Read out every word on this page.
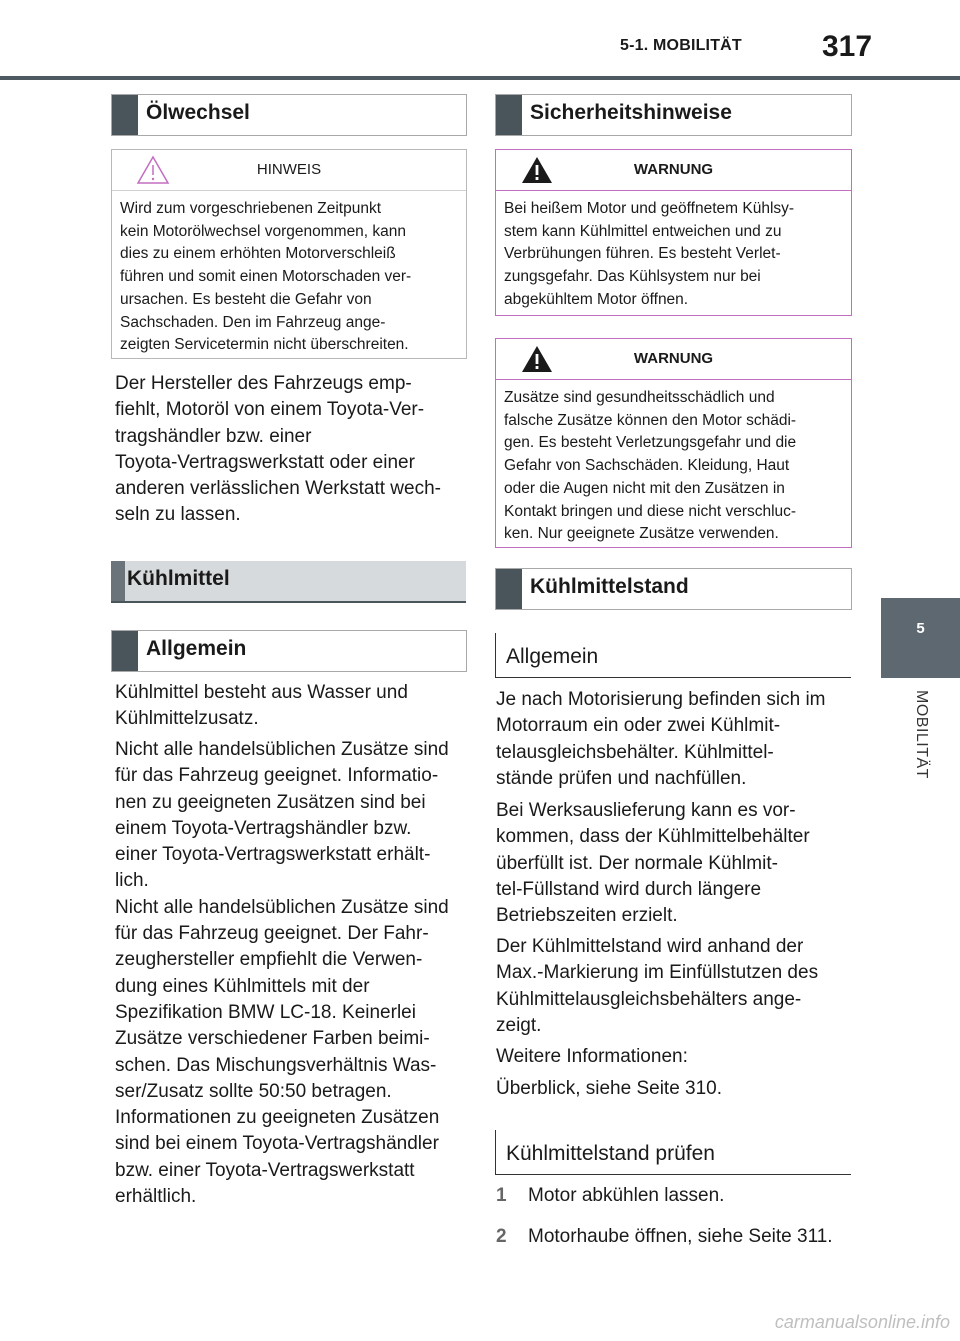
5-1. MOBILITÄT	317
5
MOBILITÄT
Ölwechsel
HINWEIS
Wird zum vorgeschriebenen Zeitpunkt
kein Motorölwechsel vorgenommen, kann
dies zu einem erhöhten Motorverschleiß
führen und somit einen Motorschaden ver-
ursachen. Es besteht die Gefahr von
Sachschaden. Den im Fahrzeug ange-
zeigten Servicetermin nicht überschreiten.
Der Hersteller des Fahrzeugs emp-
fiehlt, Motoröl von einem Toyota-Ver-
tragshändler bzw. einer
Toyota-Vertragswerkstatt oder einer
anderen verlässlichen Werkstatt wech-
seln zu lassen.
Kühlmittel
Allgemein
Kühlmittel besteht aus Wasser und
Kühlmittelzusatz.
Nicht alle handelsüblichen Zusätze sind
für das Fahrzeug geeignet. Informatio-
nen zu geeigneten Zusätzen sind bei
einem Toyota-Vertragshändler bzw.
einer Toyota-Vertragswerkstatt erhält-
lich.
Nicht alle handelsüblichen Zusätze sind
für das Fahrzeug geeignet. Der Fahr-
zeughersteller empfiehlt die Verwen-
dung eines Kühlmittels mit der
Spezifikation BMW LC-18. Keinerlei
Zusätze verschiedener Farben beimi-
schen. Das Mischungsverhältnis Was-
ser/Zusatz sollte 50:50 betragen.
Informationen zu geeigneten Zusätzen
sind bei einem Toyota-Vertragshändler
bzw. einer Toyota-Vertragswerkstatt
erhältlich.
Sicherheitshinweise
WARNUNG
Bei heißem Motor und geöffnetem Kühlsy-
stem kann Kühlmittel entweichen und zu
Verbrühungen führen. Es besteht Verlet-
zungsgefahr. Das Kühlsystem nur bei
abgekühltem Motor öffnen.
WARNUNG
Zusätze sind gesundheitsschädlich und
falsche Zusätze können den Motor schädi-
gen. Es besteht Verletzungsgefahr und die
Gefahr von Sachschäden. Kleidung, Haut
oder die Augen nicht mit den Zusätzen in
Kontakt bringen und diese nicht verschluc-
ken. Nur geeignete Zusätze verwenden.
Kühlmittelstand
Allgemein
Je nach Motorisierung befinden sich im
Motorraum ein oder zwei Kühlmit-
telausgleichsbehälter. Kühlmittel-
stände prüfen und nachfüllen.
Bei Werksauslieferung kann es vor-
kommen, dass der Kühlmittelbehälter
überfüllt ist. Der normale Kühlmit-
tel-Füllstand wird durch längere
Betriebszeiten erzielt.
Der Kühlmittelstand wird anhand der
Max.-Markierung im Einfüllstutzen des
Kühlmittelausgleichsbehälters ange-
zeigt.
Weitere Informationen:
Überblick, siehe Seite 310.
Kühlmittelstand prüfen
1 Motor abkühlen lassen.
2 Motorhaube öffnen, siehe Seite 311.
carmanualsonline.info
